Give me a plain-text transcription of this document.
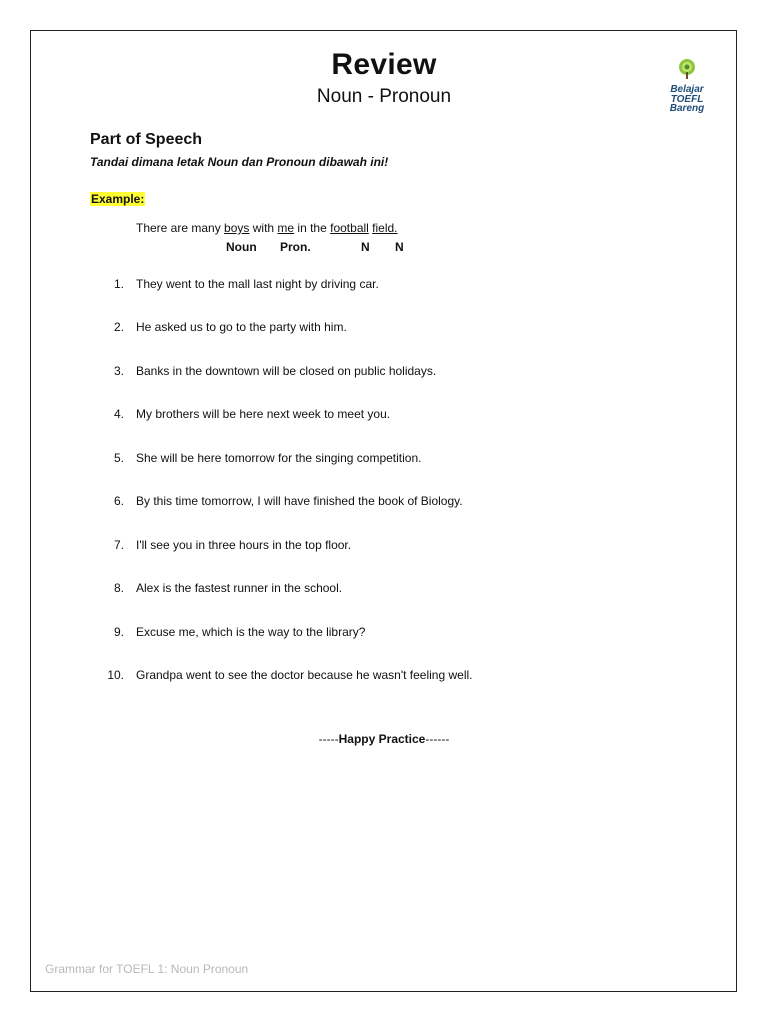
Review
Noun - Pronoun	Belajar
TOEFL
Bareng
Part of Speech
Tandai dimana letak Noun dan Pronoun dibawah ini!
Example:
There are many boys with me in the football field.
Noun Pron.	N N
1. They went to the mall last night by driving car.
2. He asked us to go to the party with him.
3. Banks in the downtown will be closed on public holidays.
4. My brothers will be here next week to meet you.
5. She will be here tomorrow for the singing competition.
6. By this time tomorrow, I will have finished the book of Biology.
7. I'll see you in three hours in the top floor.
8. Alex is the fastest runner in the school.
9. Excuse me, which is the way to the library?
10. Grandpa went to see the doctor because he wasn't feeling well.
-----Happy Practice------
Grammar for TOEFL 1: Noun Pronoun
